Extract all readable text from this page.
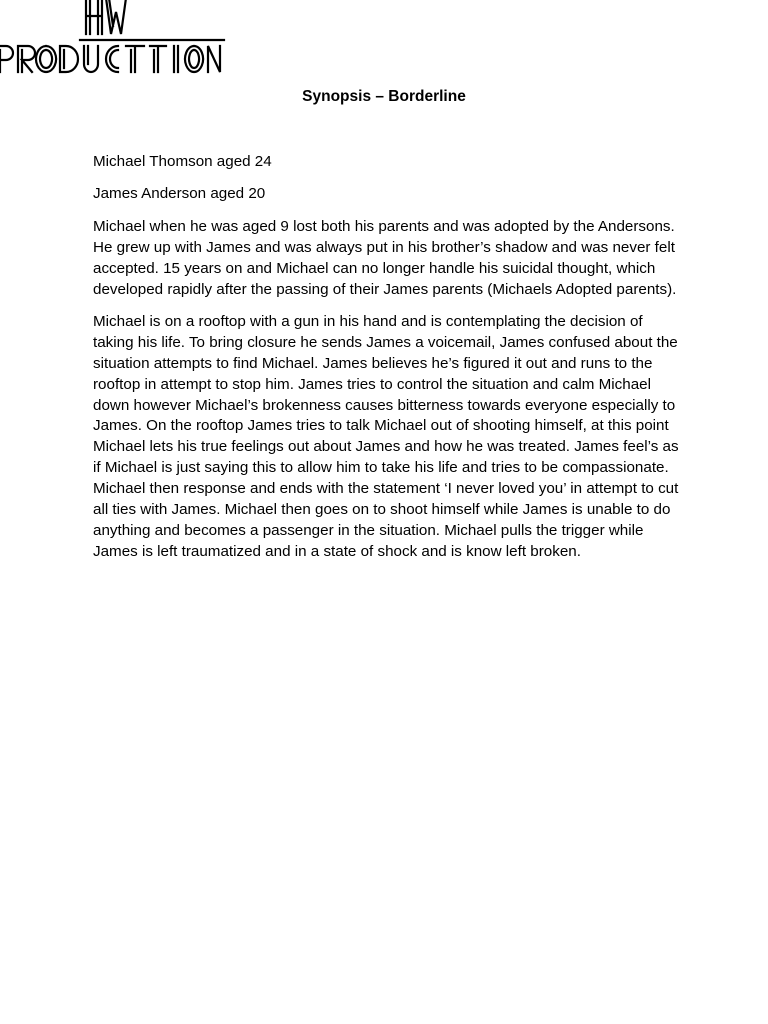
Synopsis – Borderline

Michael Thomson aged 24

James Anderson aged 20

Michael when he was aged 9 lost both his parents and was adopted by the Andersons. He grew up with James and was always put in his brother’s shadow and was never felt accepted. 15 years on and Michael can no longer handle his suicidal thought, which developed rapidly after the passing of their James parents (Michaels Adopted parents).

Michael is on a rooftop with a gun in his hand and is contemplating the decision of taking his life. To bring closure he sends James a voicemail, James confused about the situation attempts to find Michael. James believes he’s figured it out and runs to the rooftop in attempt to stop him. James tries to control the situation and calm Michael down however Michael’s brokenness causes bitterness towards everyone especially to James. On the rooftop James tries to talk Michael out of shooting himself, at this point Michael lets his true feelings out about James and how he was treated. James feel’s as if Michael is just saying this to allow him to take his life and tries to be compassionate. Michael then response and ends with the statement ‘I never loved you’ in attempt to cut all ties with James. Michael then goes on to shoot himself while James is unable to do anything and becomes a passenger in the situation. Michael pulls the trigger while James is left traumatized and in a state of shock and is know left broken.
